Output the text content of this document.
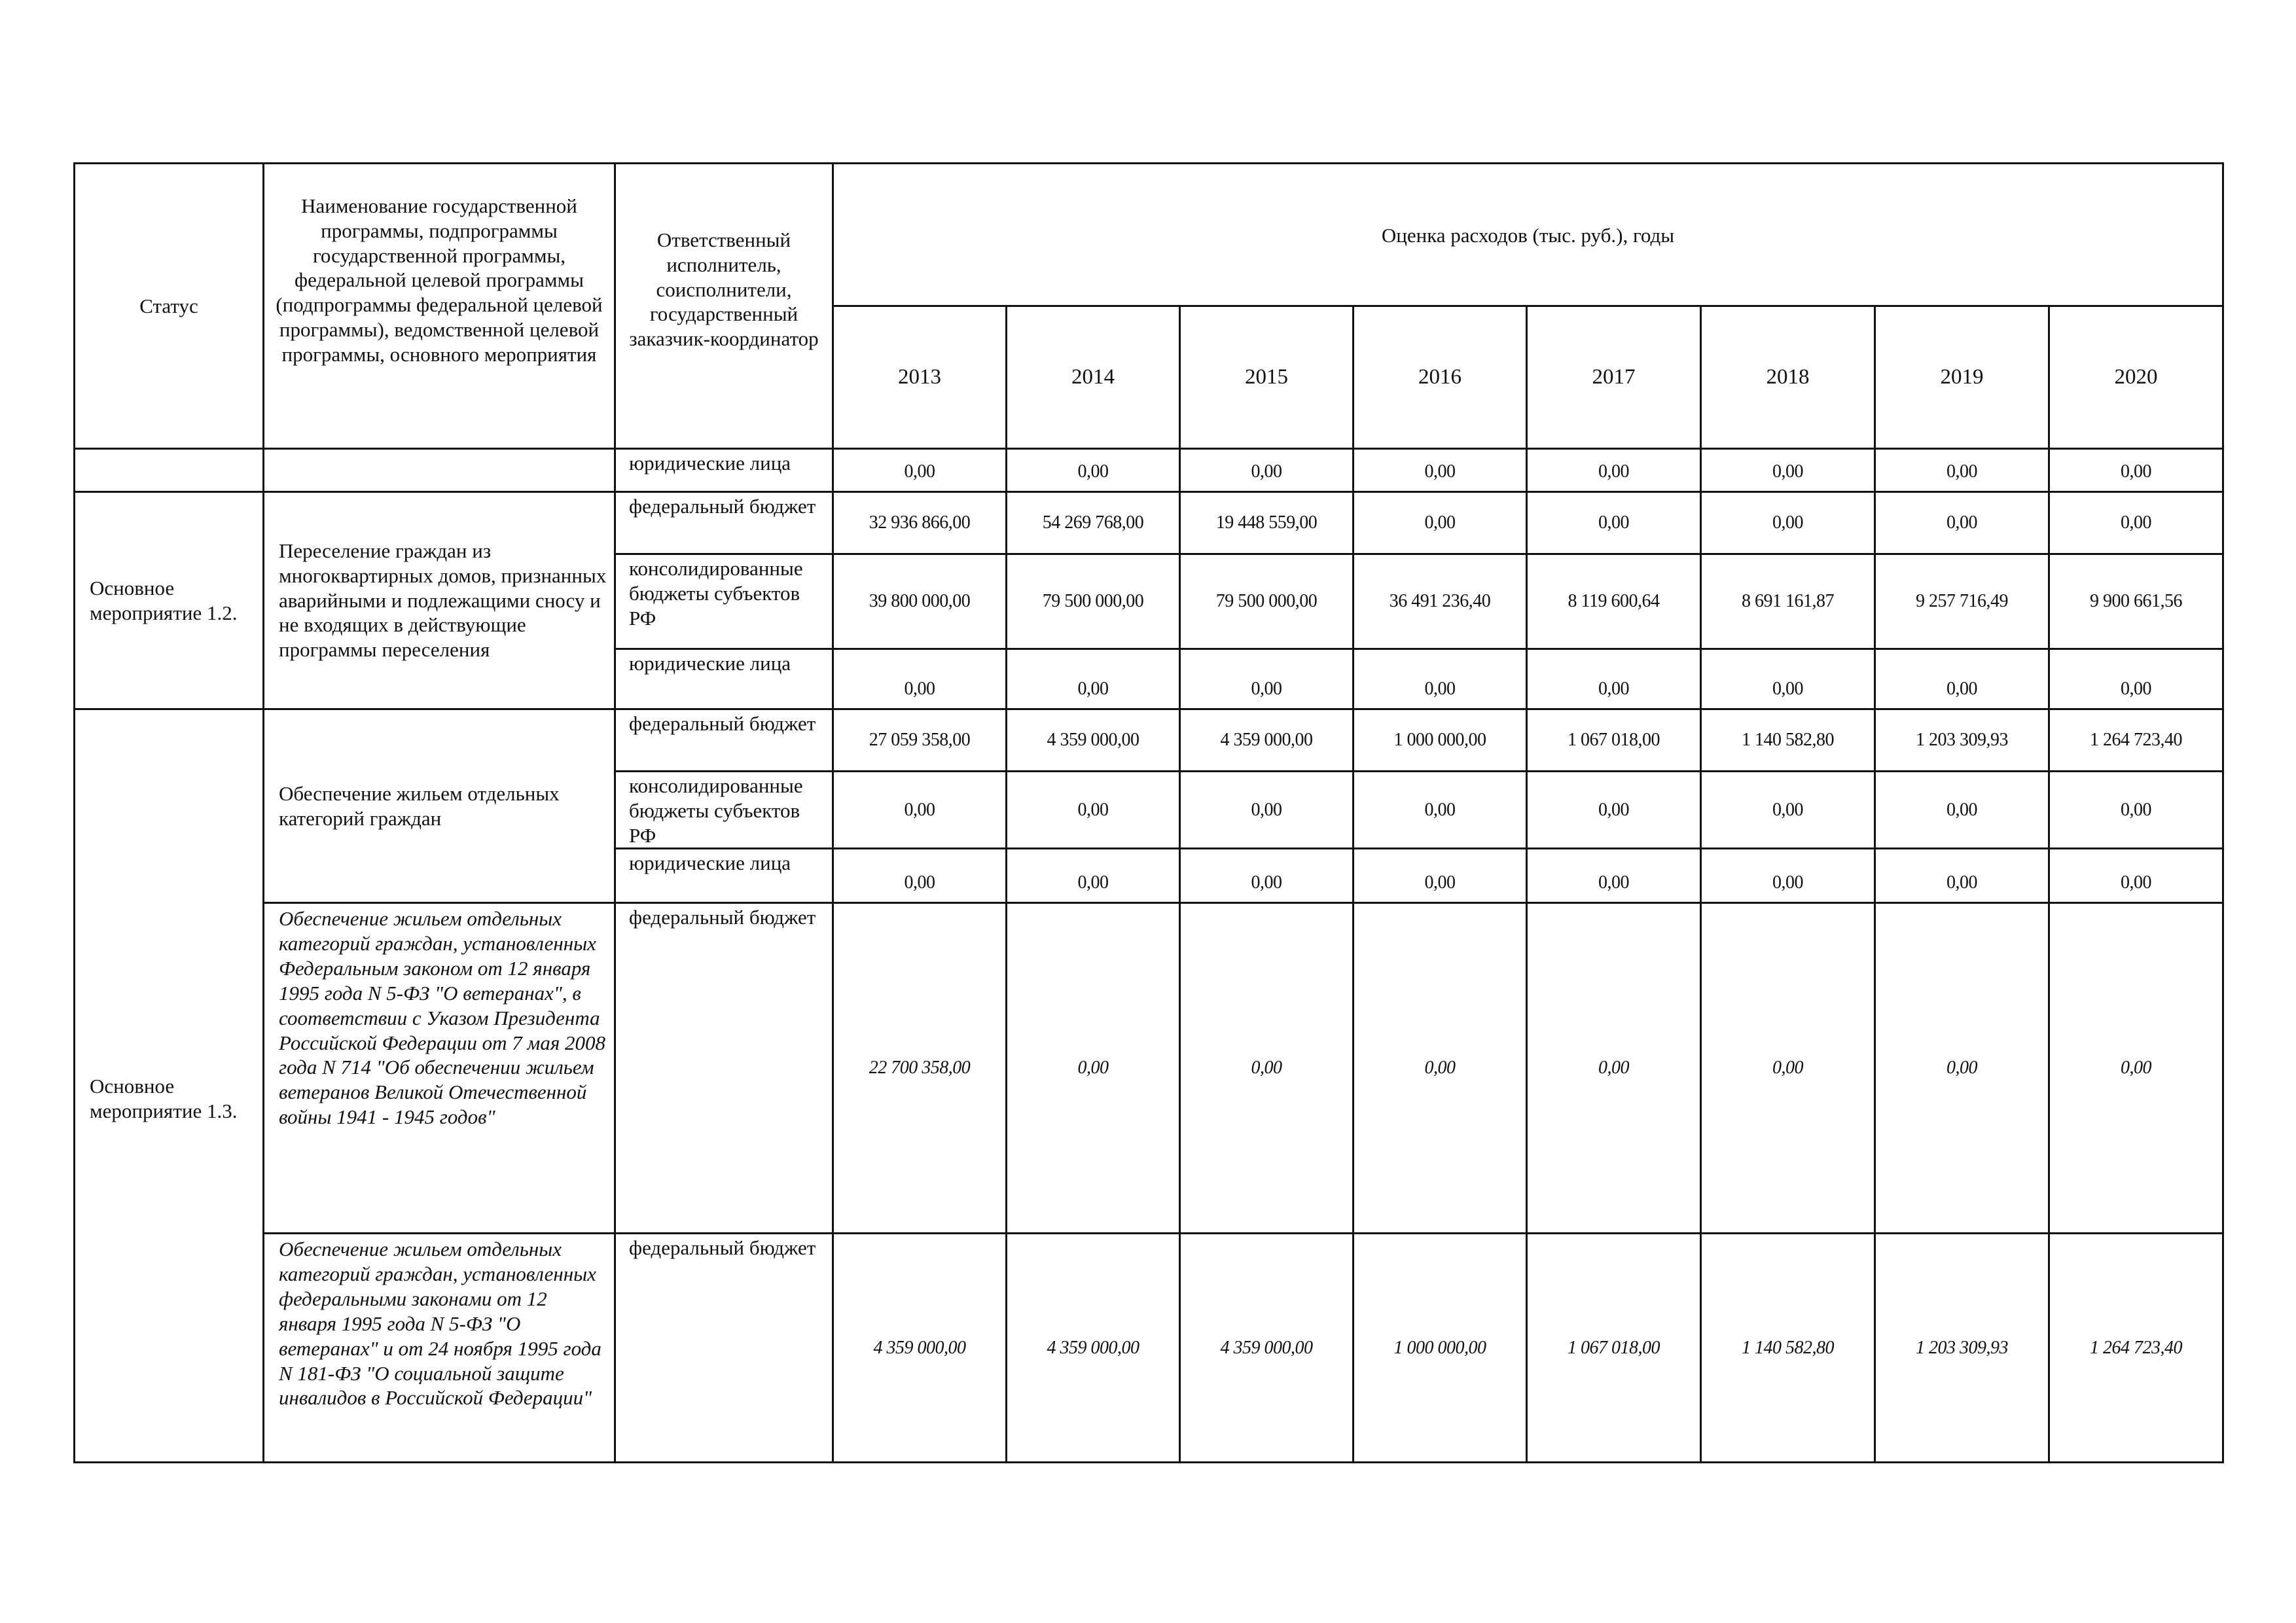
Статус	Наименование государственной программы, подпрограммы государственной программы, федеральной целевой программы (подпрограммы федеральной целевой программы), ведомственной целевой программы, основного мероприятия	Ответственный исполнитель, соисполнители, государственный заказчик-координатор	Оценка расходов (тыс. руб.), годы							
			2013	2014	2015	2016	2017	2018	2019	2020
		юридические лица	0,00	0,00	0,00	0,00	0,00	0,00	0,00	0,00
Основное мероприятие 1.2.	Переселение граждан из многоквартирных домов, признанных аварийными и подлежащими сносу и не входящих в действующие программы переселения	федеральный бюджет	32 936 866,00	54 269 768,00	19 448 559,00	0,00	0,00	0,00	0,00	0,00
		консолидированные бюджеты субъектов РФ	39 800 000,00	79 500 000,00	79 500 000,00	36 491 236,40	8 119 600,64	8 691 161,87	9 257 716,49	9 900 661,56
		юридические лица	0,00	0,00	0,00	0,00	0,00	0,00	0,00	0,00
Основное мероприятие 1.3.	Обеспечение жильем отдельных категорий граждан	федеральный бюджет	27 059 358,00	4 359 000,00	4 359 000,00	1 000 000,00	1 067 018,00	1 140 582,80	1 203 309,93	1 264 723,40
		консолидированные бюджеты субъектов РФ	0,00	0,00	0,00	0,00	0,00	0,00	0,00	0,00
		юридические лица	0,00	0,00	0,00	0,00	0,00	0,00	0,00	0,00
	Обеспечение жильем отдельных категорий граждан, установленных Федеральным законом от 12 января 1995 года N 5-ФЗ "О ветеранах", в соответствии с Указом Президента Российской Федерации от 7 мая 2008 года N 714 "Об обеспечении жильем ветеранов Великой Отечественной войны 1941 - 1945 годов"	федеральный бюджет	22 700 358,00	0,00	0,00	0,00	0,00	0,00	0,00	0,00
	Обеспечение жильем отдельных категорий граждан, установленных федеральными законами от 12 января 1995 года N 5-ФЗ "О ветеранах" и от 24 ноября 1995 года N 181-ФЗ "О социальной защите инвалидов в Российской Федерации"	федеральный бюджет	4 359 000,00	4 359 000,00	4 359 000,00	1 000 000,00	1 067 018,00	1 140 582,80	1 203 309,93	1 264 723,40
